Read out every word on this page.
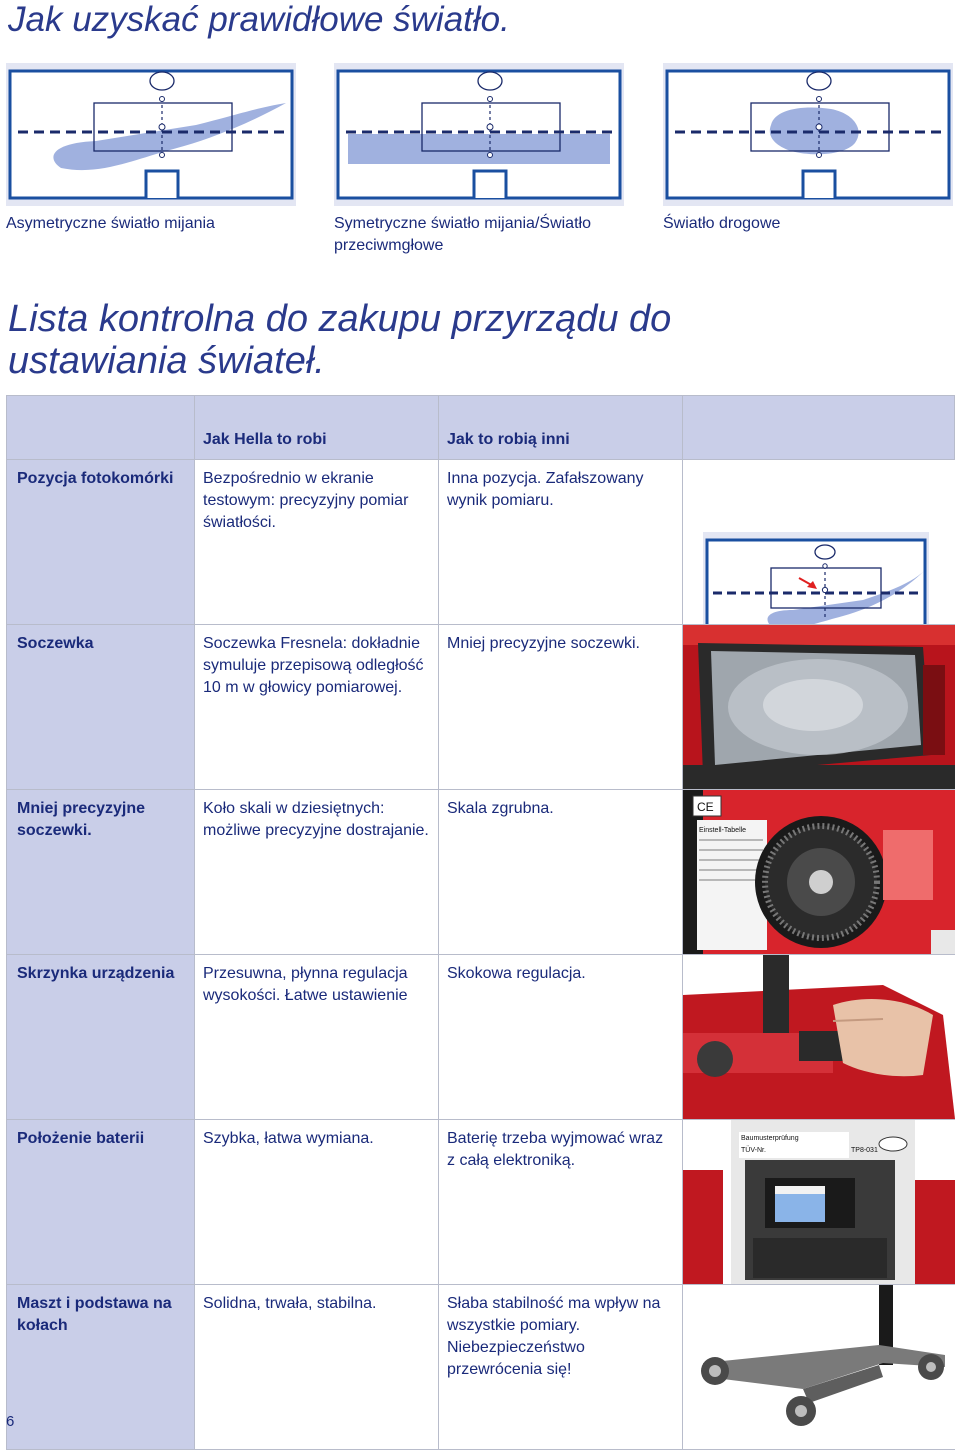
Jak uzyskać prawidłowe światło.
Asymetryczne światło mijania	Symetryczne światło mijania/Światło przeciwmgłowe
Światło drogowe
Lista kontrolna do zakupu przyrządu do ustawiania świateł.

	Jak Hella to robi	Jak to robią inni	

Pozycja fotokomórki	Bezpośrednio w ekranie testowym: precyzyjny pomiar światłości.	Inna pozycja. Zafałszowany wynik pomiaru.

Soczewka	Soczewka Fresnela: dokładnie symuluje przepisową odległość 10 m w głowicy pomiarowej.	Mniej precyzyjne soczewki.

Mniej precyzyjne soczewki.	Koło skali w dziesiętnych: możliwe precyzyjne dostrajanie.	Skala zgrubna.	CE
Einstell-Tabelle

Skrzynka urządzenia	Przesuwna, płynna regulacja wysokości. Łatwe ustawienie	Skokowa regulacja.

Położenie baterii	Szybka, łatwa wymiana.	Baterię trzeba wyjmować wraz z całą elektroniką.	Baumusterprüfung
TÜV-Nr. TP8-031

Maszt i podstawa na kołach	Solidna, trwała, stabilna.	Słaba stabilność ma wpływ na wszystkie pomiary. Niebezpieczeństwo przewrócenia się!

6
